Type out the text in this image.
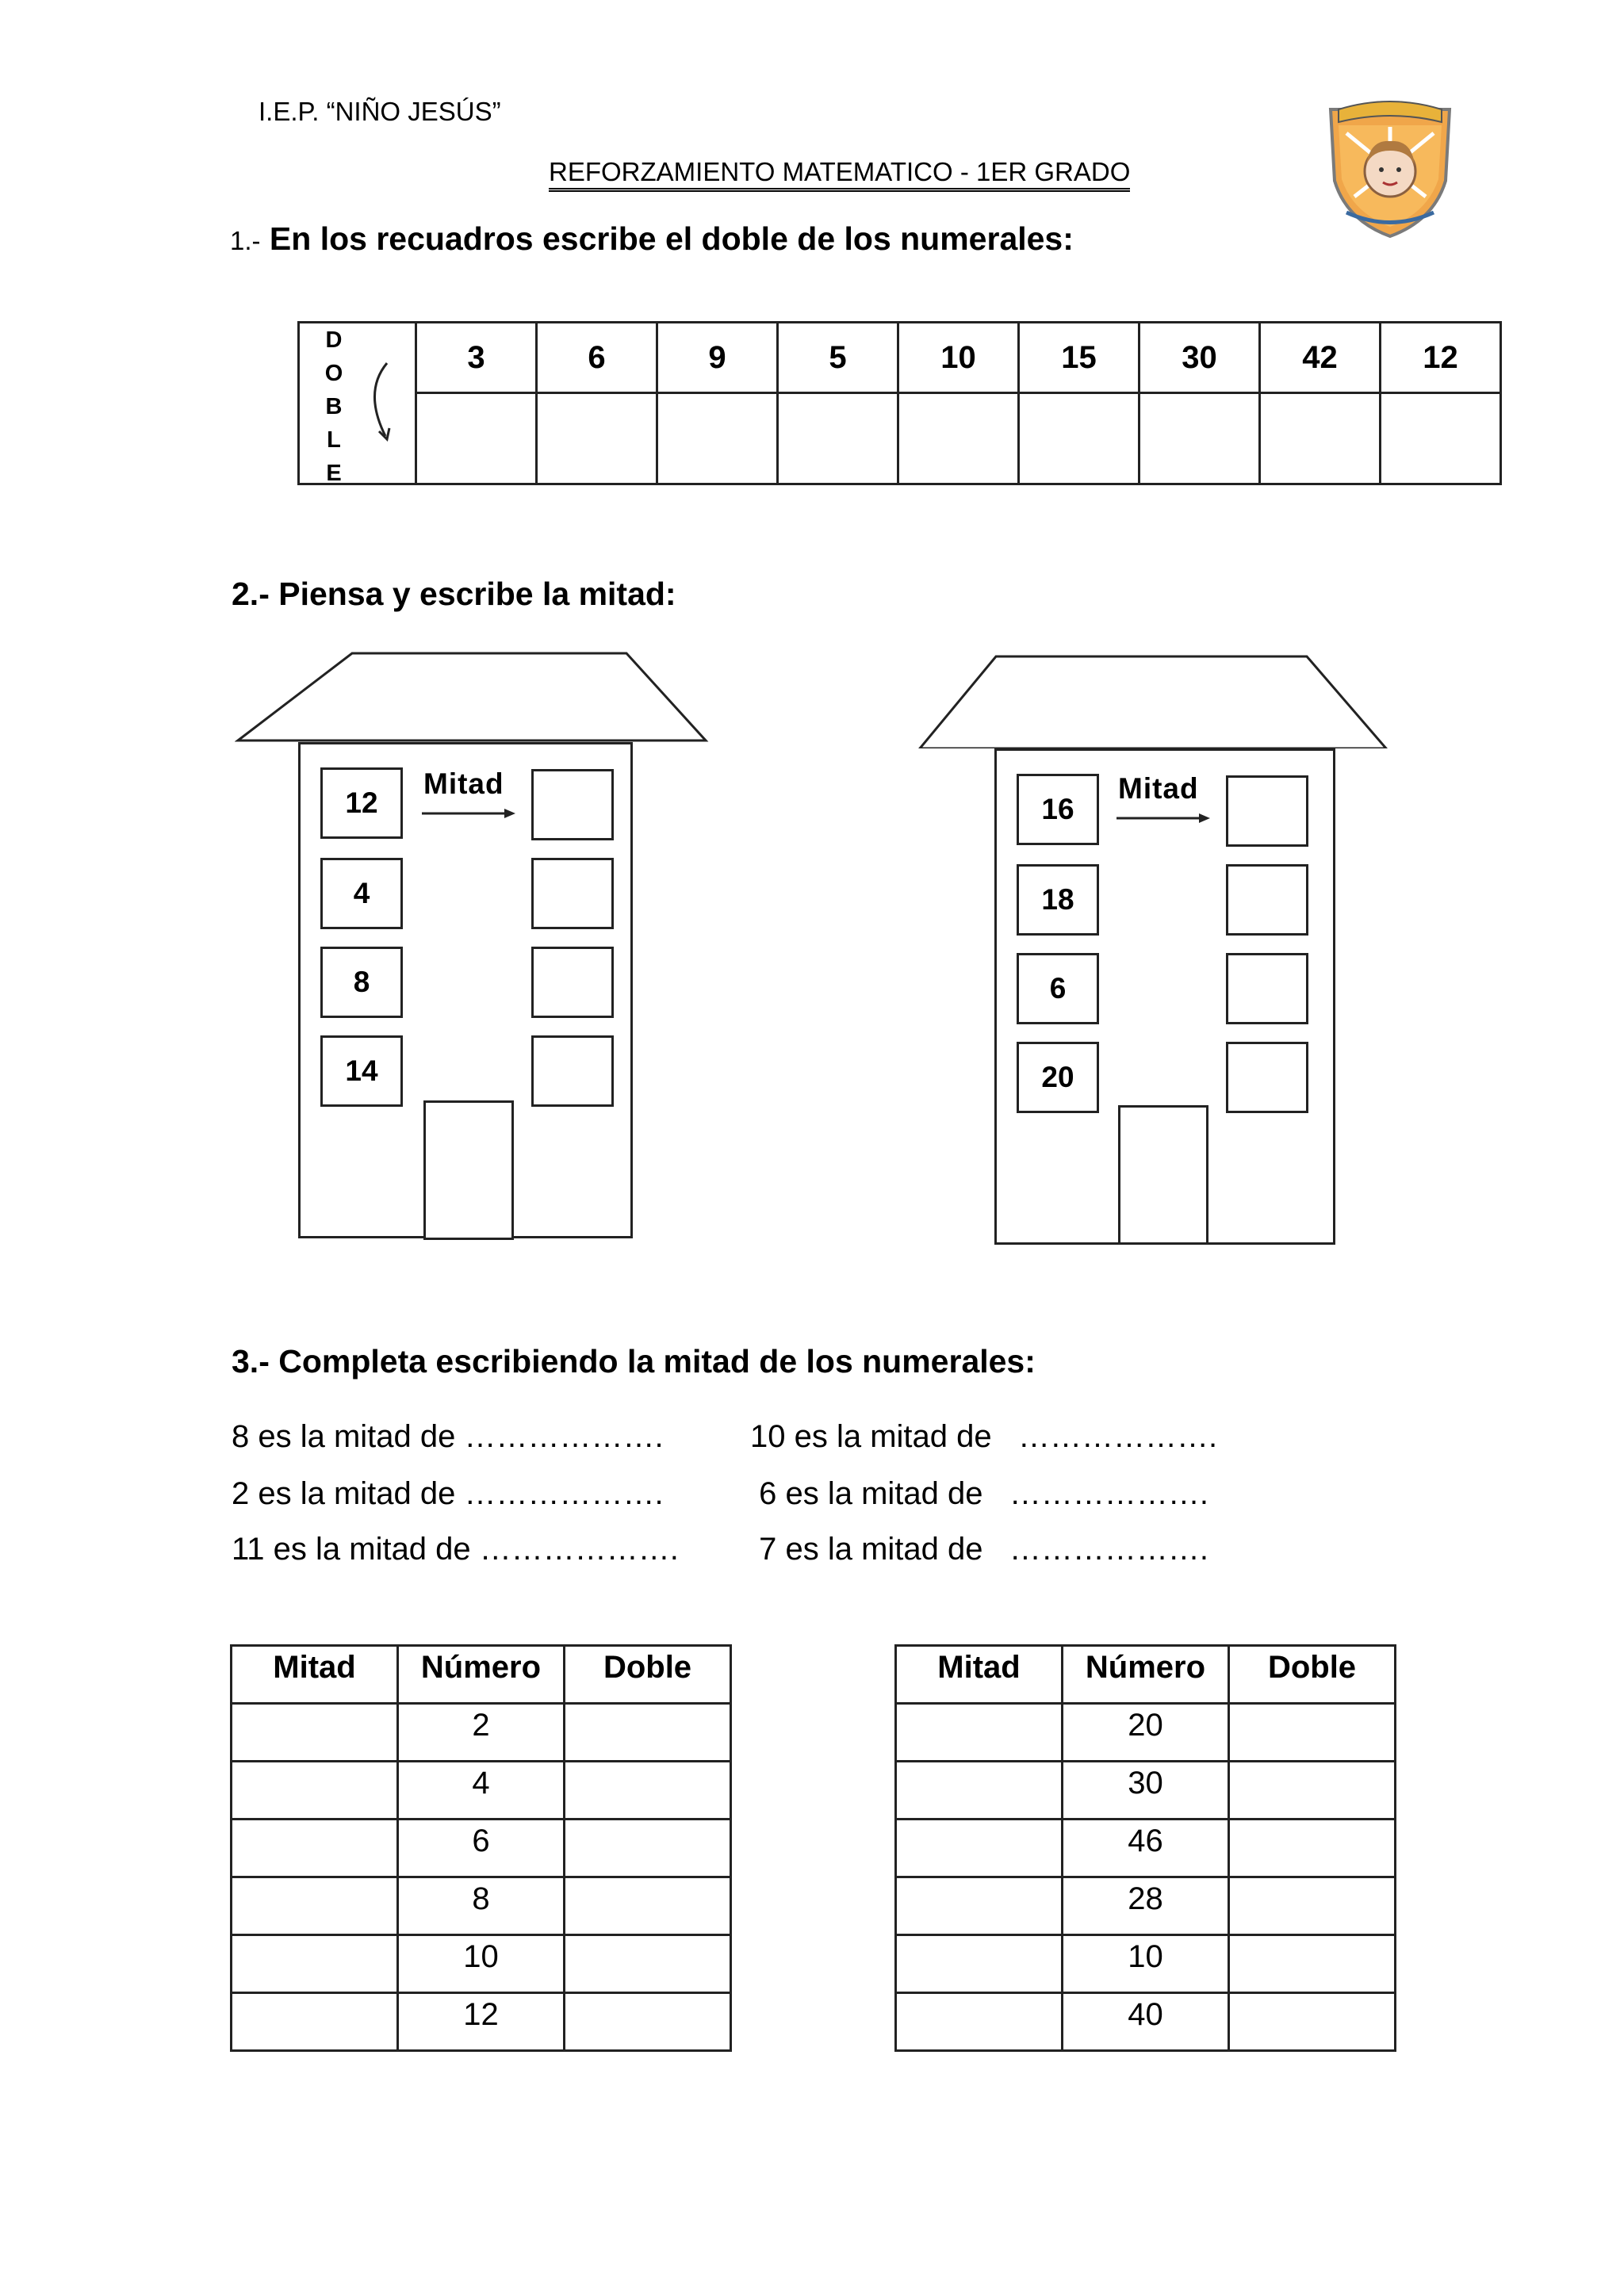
I.E.P. “NIÑO JESÚS”
REFORZAMIENTO MATEMATICO - 1ER GRADO
1.- En los recuadros escribe el doble de los numerales:
D
O
B
L
E	3	6	9	5	10	15	30	42	12

2.- Piensa y escribe la mitad:
12
4
8
14
Mitad
16
18
6
20
Mitad
3.- Completa escribiendo la mitad de los numerales:
8 es la mitad de ……………….
2 es la mitad de ……………….
11 es la mitad de ……………….
10 es la mitad de   ……………….
6 es la mitad de   ……………….
7 es la mitad de   ……………….
Mitad	Número	Doble
	2	
	4	
	6	
	8	
	10	
	12	
Mitad	Número	Doble
	20	
	30	
	46	
	28	
	10	
	40	
